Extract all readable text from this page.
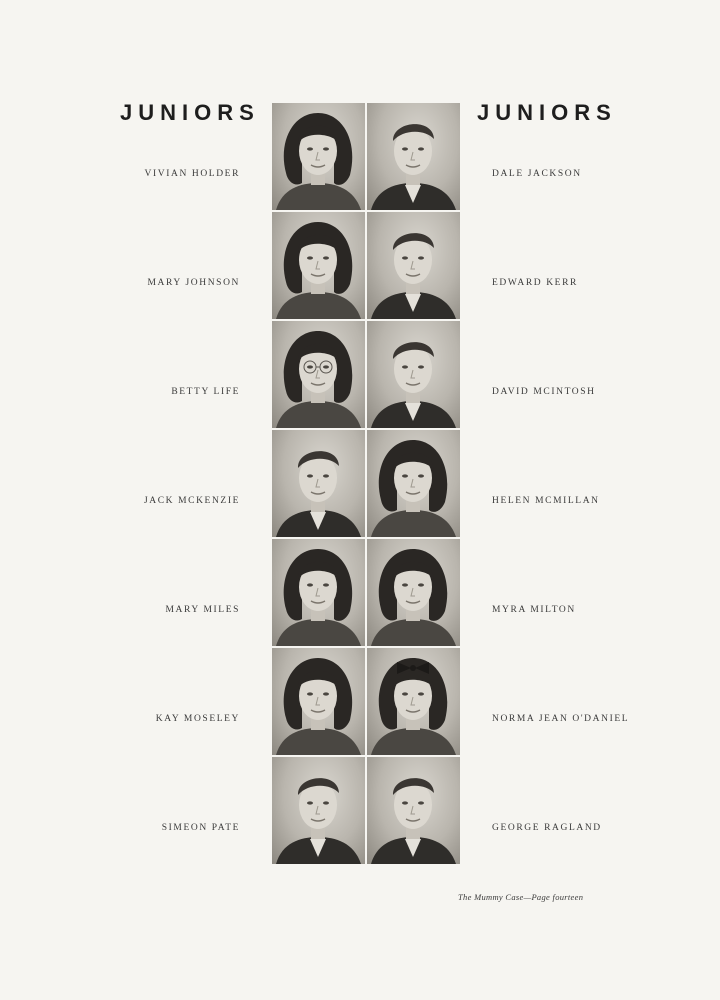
JUNIORS	JUNIORS
VIVIAN HOLDER	DALE JACKSON
MARY JOHNSON	EDWARD KERR
BETTY LIFE	DAVID MCINTOSH
JACK MCKENZIE	HELEN MCMILLAN
MARY MILES	MYRA MILTON
KAY MOSELEY	NORMA JEAN O'DANIEL
SIMEON PATE	GEORGE RAGLAND
The Mummy Case—Page fourteen
